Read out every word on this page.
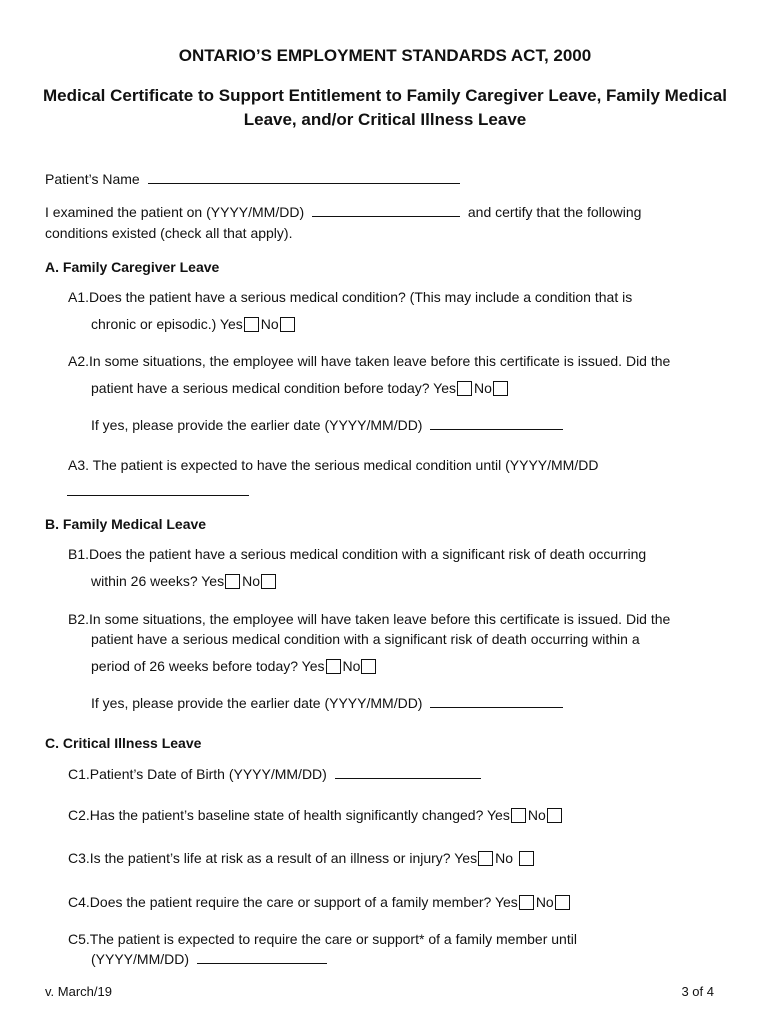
ONTARIO’S EMPLOYMENT STANDARDS ACT, 2000
Medical Certificate to Support Entitlement to Family Caregiver Leave, Family Medical Leave, and/or Critical Illness Leave
Patient’s Name
I examined the patient on (YYYY/MM/DD)	and certify that the following
conditions existed (check all that apply).
A. Family Caregiver Leave
A1.Does the patient have a serious medical condition? (This may include a condition that is
chronic or episodic.) Yes No
A2.In some situations, the employee will have taken leave before this certificate is issued. Did the
patient have a serious medical condition before today? Yes No
If yes, please provide the earlier date (YYYY/MM/DD)
A3. The patient is expected to have the serious medical condition until (YYYY/MM/DD
B. Family Medical Leave
B1.Does the patient have a serious medical condition with a significant risk of death occurring
within 26 weeks? Yes No
B2.In some situations, the employee will have taken leave before this certificate is issued. Did the
patient have a serious medical condition with a significant risk of death occurring within a
period of 26 weeks before today? Yes No
If yes, please provide the earlier date (YYYY/MM/DD)
C. Critical Illness Leave
C1.Patient’s Date of Birth (YYYY/MM/DD)
C2.Has the patient’s baseline state of health significantly changed? Yes No
C3.Is the patient’s life at risk as a result of an illness or injury? Yes No
C4.Does the patient require the care or support of a family member? Yes No
C5.The patient is expected to require the care or support* of a family member until
(YYYY/MM/DD)
v. March/19	3 of 4
